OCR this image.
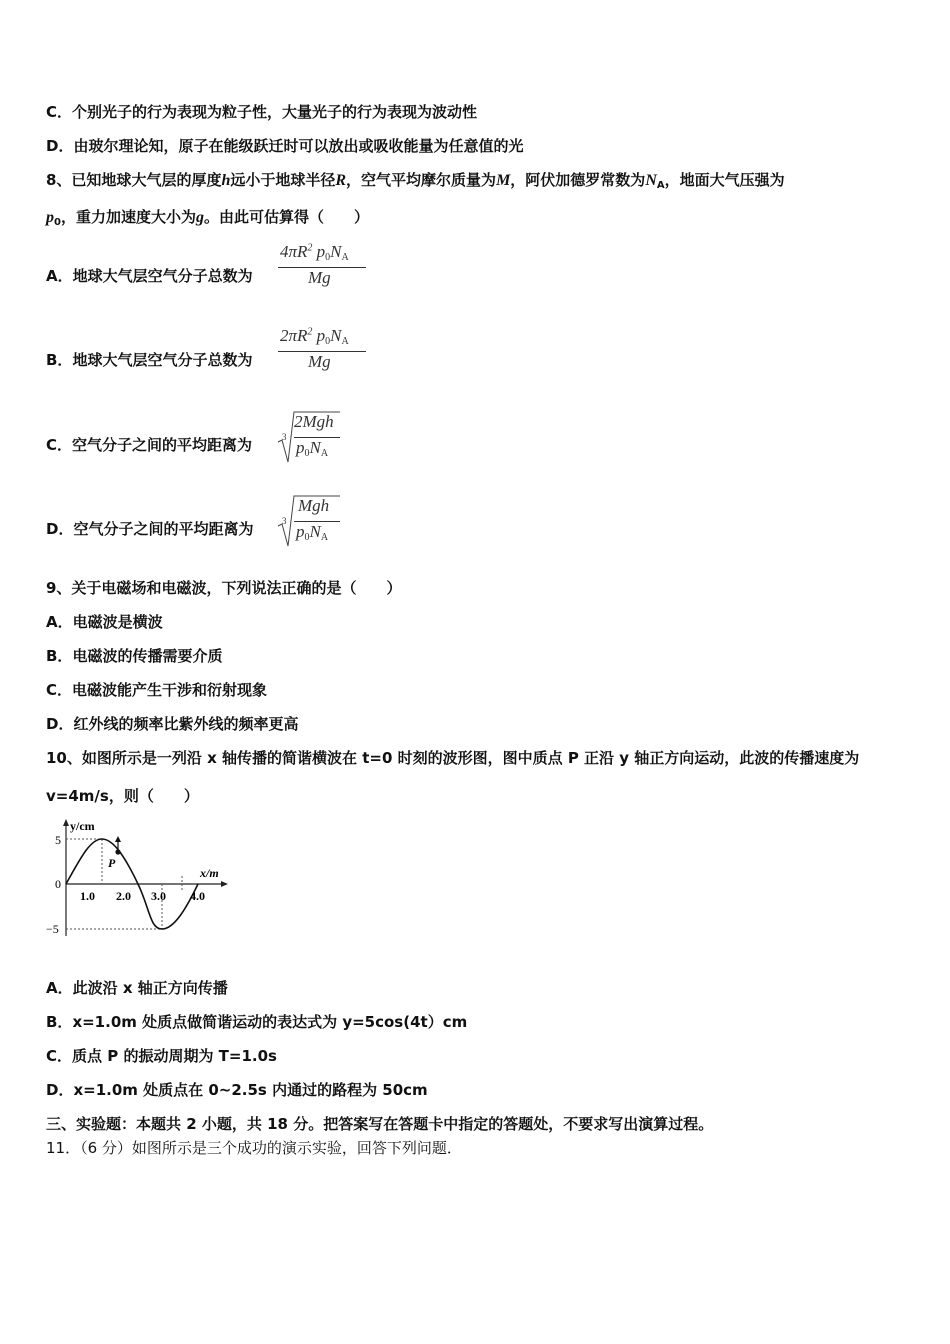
C．个别光子的行为表现为粒子性，大量光子的行为表现为波动性
D．由玻尔理论知，原子在能级跃迁时可以放出或吸收能量为任意值的光
8、已知地球大气层的厚度h远小于地球半径R，空气平均摩尔质量为M，阿伏加德罗常数为$N_A$，地面大气压强为
$p_0$，重力加速度大小为g。由此可估算得（　　）
A．地球大气层空气分子总数为
$4\pi R^2$ p0NA
Mg
B．地球大气层空气分子总数为
$2\pi R^2$ p0NA
Mg
C．空气分子之间的平均距离为	3
2Mgh
p0NA
D．空气分子之间的平均距离为	3
Mgh
p0NA
9、关于电磁场和电磁波，下列说法正确的是（　　）
A．电磁波是横波
B．电磁波的传播需要介质
C．电磁波能产生干涉和衍射现象
D．红外线的频率比紫外线的频率更高
10、如图所示是一列沿 x 轴传播的简谐横波在 t=0 时刻的波形图，图中质点 P 正沿 y 轴正方向运动，此波的传播速度为
v=4m/s，则（　　）
P
y/cm
x/m
5
0
−5
1.0 2.0 3.0 4.0
A．此波沿 x 轴正方向传播
B．x=1.0m 处质点做简谐运动的表达式为 y=5cos(4t）cm
C．质点 P 的振动周期为 T=1.0s
D．x=1.0m 处质点在 0~2.5s 内通过的路程为 50cm
三、实验题：本题共 2 小题，共 18 分。把答案写在答题卡中指定的答题处，不要求写出演算过程。
11．（6 分）如图所示是三个成功的演示实验，回答下列问题．
